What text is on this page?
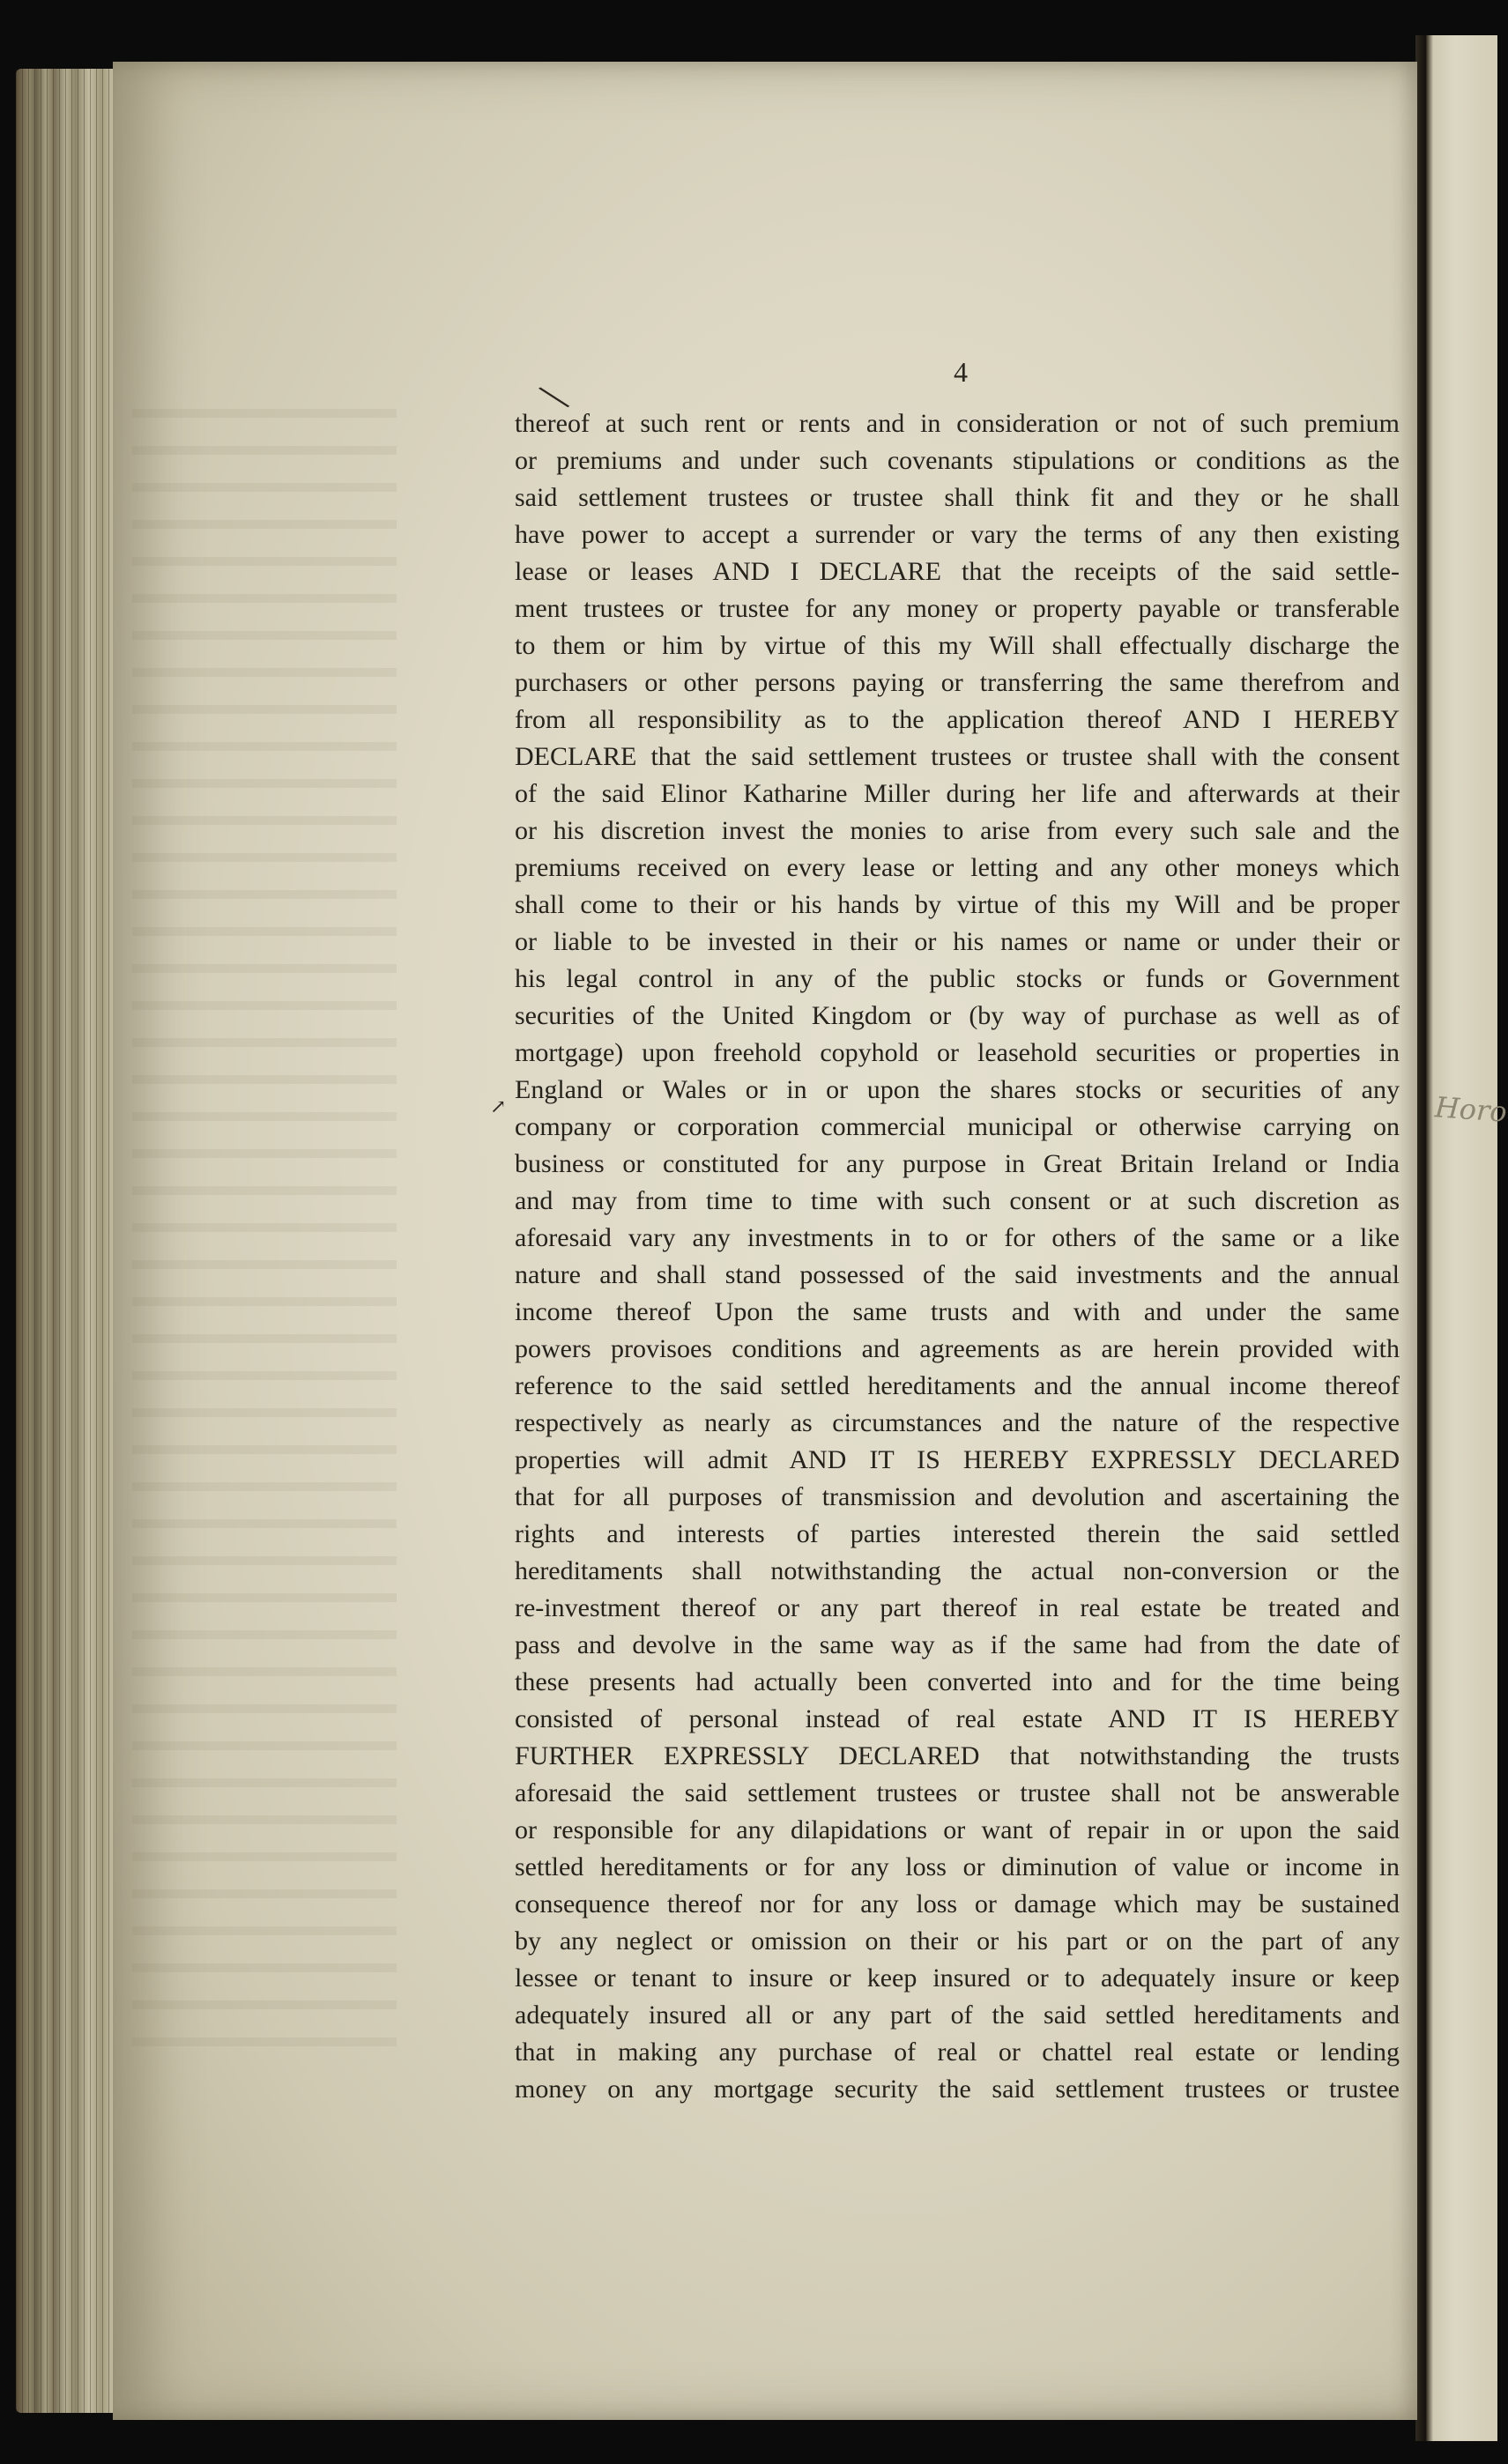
Horo
4
╲
↗
thereof at such rent or rents and in consideration or not of such premium
or premiums and under such covenants stipulations or conditions as the
said settlement trustees or trustee shall think fit and they or he shall
have power to accept a surrender or vary the terms of any then existing
lease or leases AND I DECLARE that the receipts of the said settle-
ment trustees or trustee for any money or property payable or transferable
to them or him by virtue of this my Will shall effectually discharge the
purchasers or other persons paying or transferring the same therefrom and
from all responsibility as to the application thereof AND I HEREBY
DECLARE that the said settlement trustees or trustee shall with the consent
of the said Elinor Katharine Miller during her life and afterwards at their
or his discretion invest the monies to arise from every such sale and the
premiums received on every lease or letting and any other moneys which
shall come to their or his hands by virtue of this my Will and be proper
or liable to be invested in their or his names or name or under their or
his legal control in any of the public stocks or funds or Government
securities of the United Kingdom or (by way of purchase as well as of
mortgage) upon freehold copyhold or leasehold securities or properties in
England or Wales or in or upon the shares stocks or securities of any
company or corporation commercial municipal or otherwise carrying on
business or constituted for any purpose in Great Britain Ireland or India
and may from time to time with such consent or at such discretion as
aforesaid vary any investments in to or for others of the same or a like
nature and shall stand possessed of the said investments and the annual
income thereof Upon the same trusts and with and under the same
powers provisoes conditions and agreements as are herein provided with
reference to the said settled hereditaments and the annual income thereof
respectively as nearly as circumstances and the nature of the respective
properties will admit AND IT IS HEREBY EXPRESSLY DECLARED
that for all purposes of transmission and devolution and ascertaining the
rights and interests of parties interested therein the said settled
hereditaments shall notwithstanding the actual non-conversion or the
re-investment thereof or any part thereof in real estate be treated and
pass and devolve in the same way as if the same had from the date of
these presents had actually been converted into and for the time being
consisted of personal instead of real estate AND IT IS HEREBY
FURTHER EXPRESSLY DECLARED that notwithstanding the trusts
aforesaid the said settlement trustees or trustee shall not be answerable
or responsible for any dilapidations or want of repair in or upon the said
settled hereditaments or for any loss or diminution of value or income in
consequence thereof nor for any loss or damage which may be sustained
by any neglect or omission on their or his part or on the part of any
lessee or tenant to insure or keep insured or to adequately insure or keep
adequately insured all or any part of the said settled hereditaments and
that in making any purchase of real or chattel real estate or lending
money on any mortgage security the said settlement trustees or trustee
